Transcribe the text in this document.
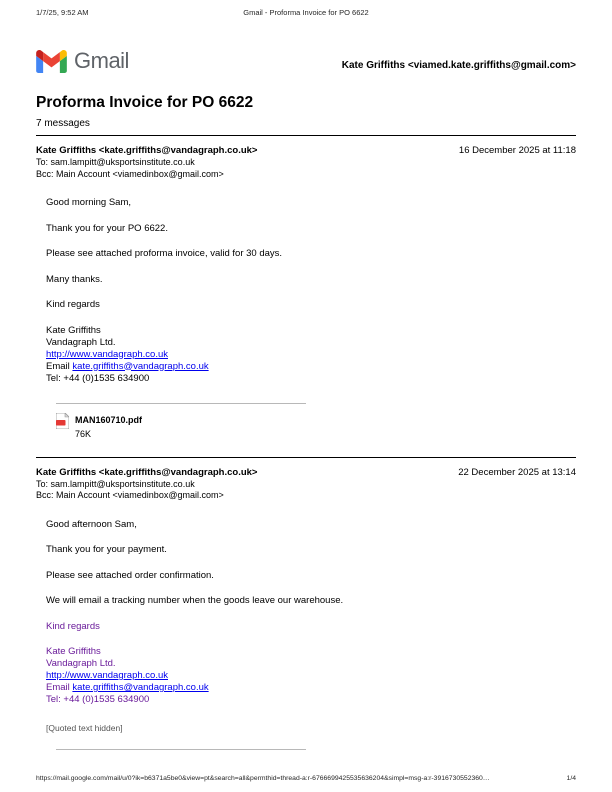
1/7/25, 9:52 AM	Gmail - Proforma Invoice for PO 6622
Gmail	Kate Griffiths <viamed.kate.griffiths@gmail.com>
Proforma Invoice for PO 6622
7 messages
Kate Griffiths <kate.griffiths@vandagraph.co.uk>	16 December 2025 at 11:18
To: sam.lampitt@uksportsinstitute.co.uk
Bcc: Main Account <viamedinbox@gmail.com>
Good morning Sam,
Thank you for your PO 6622.
Please see attached proforma invoice, valid for 30 days.
Many thanks.
Kind regards
Kate Griffiths
Vandagraph Ltd.
http://www.vandagraph.co.uk
Email kate.griffiths@vandagraph.co.uk
Tel: +44 (0)1535 634900
MAN160710.pdf
76K
Kate Griffiths <kate.griffiths@vandagraph.co.uk>	22 December 2025 at 13:14
To: sam.lampitt@uksportsinstitute.co.uk
Bcc: Main Account <viamedinbox@gmail.com>
Good afternoon Sam,
Thank you for your payment.
Please see attached order confirmation.
We will email a tracking number when the goods leave our warehouse.
Kind regards
Kate Griffiths
Vandagraph Ltd.
http://www.vandagraph.co.uk
Email kate.griffiths@vandagraph.co.uk
Tel: +44 (0)1535 634900
[Quoted text hidden]
https://mail.google.com/mail/u/0?ik=b6371a5be0&view=pt&search=all&permthid=thread-a:r-6766699425535636204&simpl=msg-a:r-3916730552360…	1/4
